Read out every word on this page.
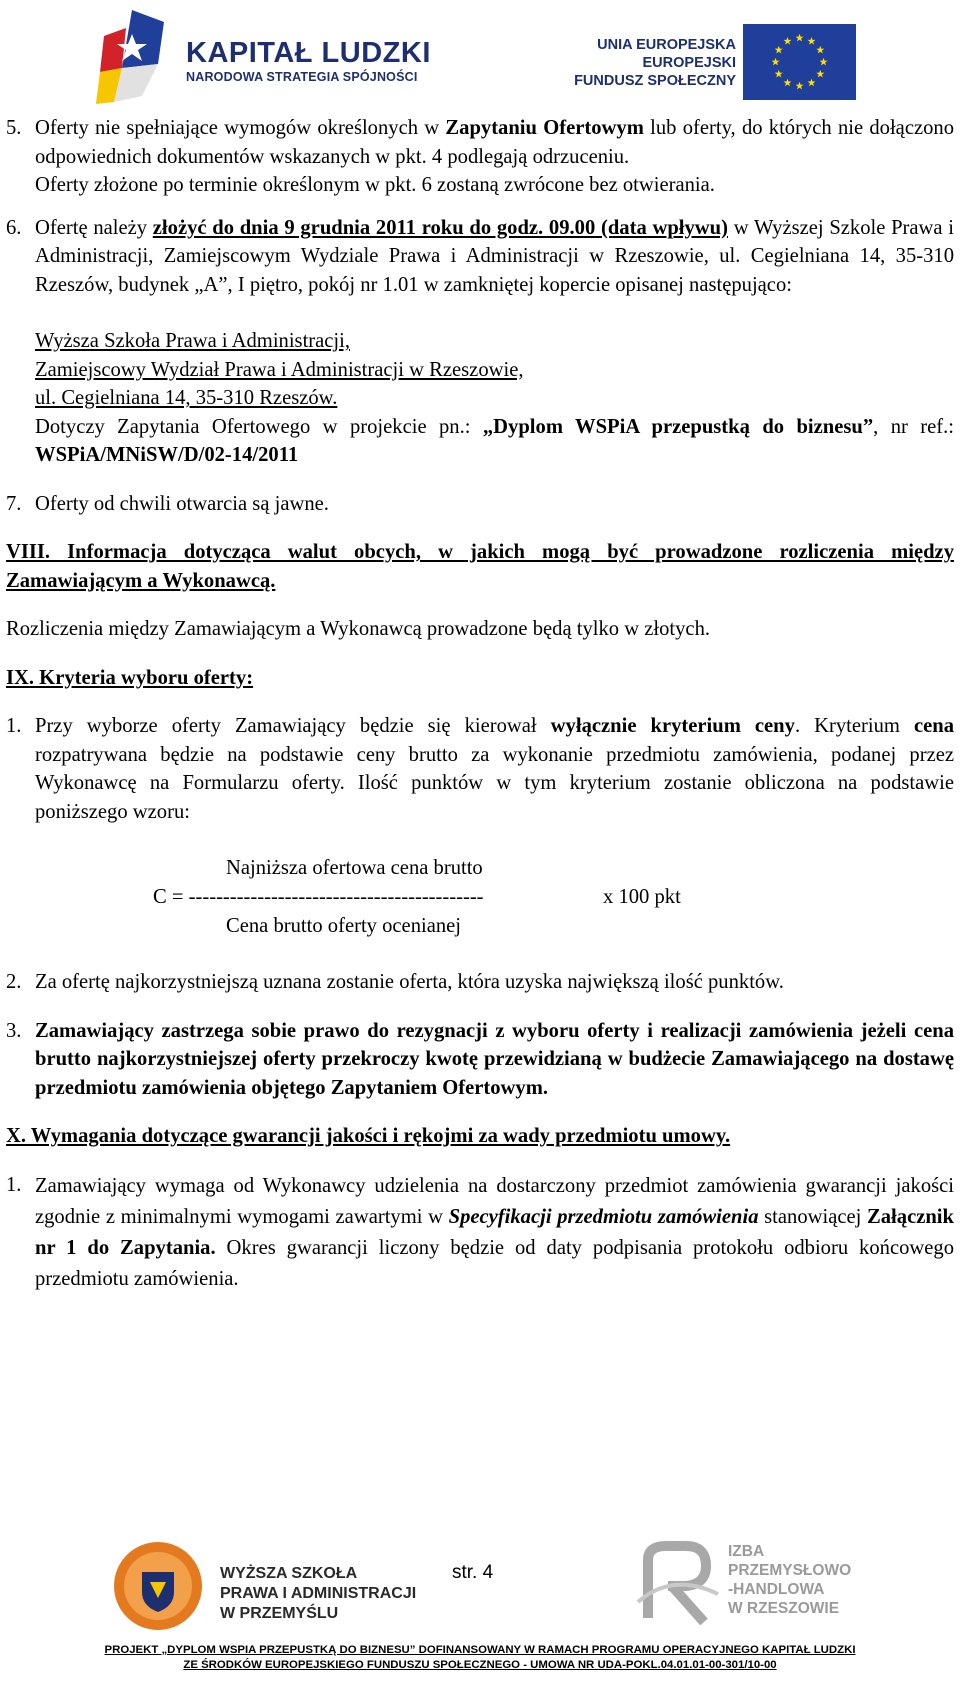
KAPITAŁ LUDZKI
NARODOWA STRATEGIA SPÓJNOŚCI
UNIA EUROPEJSKA
EUROPEJSKI
FUNDUSZ SPOŁECZNY
5. Oferty nie spełniające wymogów określonych w Zapytaniu Ofertowym lub oferty, do których nie dołączono odpowiednich dokumentów wskazanych w pkt. 4 podlegają odrzuceniu.
Oferty złożone po terminie określonym w pkt. 6 zostaną zwrócone bez otwierania.
6. Ofertę należy złożyć do dnia 9 grudnia 2011 roku do godz. 09.00 (data wpływu) w Wyższej Szkole Prawa i Administracji, Zamiejscowym Wydziale Prawa i Administracji w Rzeszowie, ul. Cegielniana 14, 35-310 Rzeszów, budynek „A”, I piętro, pokój nr 1.01 w zamkniętej kopercie opisanej następująco:
Wyższa Szkoła Prawa i Administracji,
Zamiejscowy Wydział Prawa i Administracji w Rzeszowie,
ul. Cegielniana 14, 35-310 Rzeszów.
Dotyczy Zapytania Ofertowego w projekcie pn.: „Dyplom WSPiA przepustką do biznesu”, nr ref.: WSPiA/MNiSW/D/02-14/2011
7. Oferty od chwili otwarcia są jawne.
VIII. Informacja dotycząca walut obcych, w jakich mogą być prowadzone rozliczenia między Zamawiającym a Wykonawcą.
Rozliczenia między Zamawiającym a Wykonawcą prowadzone będą tylko w złotych.
IX. Kryteria wyboru oferty:
1. Przy wyborze oferty Zamawiający będzie się kierował wyłącznie kryterium ceny. Kryterium cena rozpatrywana będzie na podstawie ceny brutto za wykonanie przedmiotu zamówienia, podanej przez Wykonawcę na Formularzu oferty. Ilość punktów w tym kryterium zostanie obliczona na podstawie poniższego wzoru:
Najniższa ofertowa cena brutto
C = -------------------------------------------	x 100 pkt
Cena brutto oferty ocenianej
2. Za ofertę najkorzystniejszą uznana zostanie oferta, która uzyska największą ilość punktów.
3. Zamawiający zastrzega sobie prawo do rezygnacji z wyboru oferty i realizacji zamówienia jeżeli cena brutto najkorzystniejszej oferty przekroczy kwotę przewidzianą w budżecie Zamawiającego na dostawę przedmiotu zamówienia objętego Zapytaniem Ofertowym.
X. Wymagania dotyczące gwarancji jakości i rękojmi za wady przedmiotu umowy.
1. Zamawiający wymaga od Wykonawcy udzielenia na dostarczony przedmiot zamówienia gwarancji jakości zgodnie z minimalnymi wymogami zawartymi w Specyfikacji przedmiotu zamówienia stanowiącej Załącznik nr 1 do Zapytania. Okres gwarancji liczony będzie od daty podpisania protokołu odbioru końcowego przedmiotu zamówienia.
WYŻSZA SZKOŁA
PRAWA I ADMINISTRACJI
W PRZEMYŚLU
str. 4
IZBA
PRZEMYSŁOWO
-HANDLOWA
W RZESZOWIE
PROJEKT „DYPLOM WSPIA PRZEPUSTKĄ DO BIZNESU” DOFINANSOWANY W RAMACH PROGRAMU OPERACYJNEGO KAPITAŁ LUDZKI
ZE ŚRODKÓW EUROPEJSKIEGO FUNDUSZU SPOŁECZNEGO - UMOWA NR UDA-POKL.04.01.01-00-301/10-00
